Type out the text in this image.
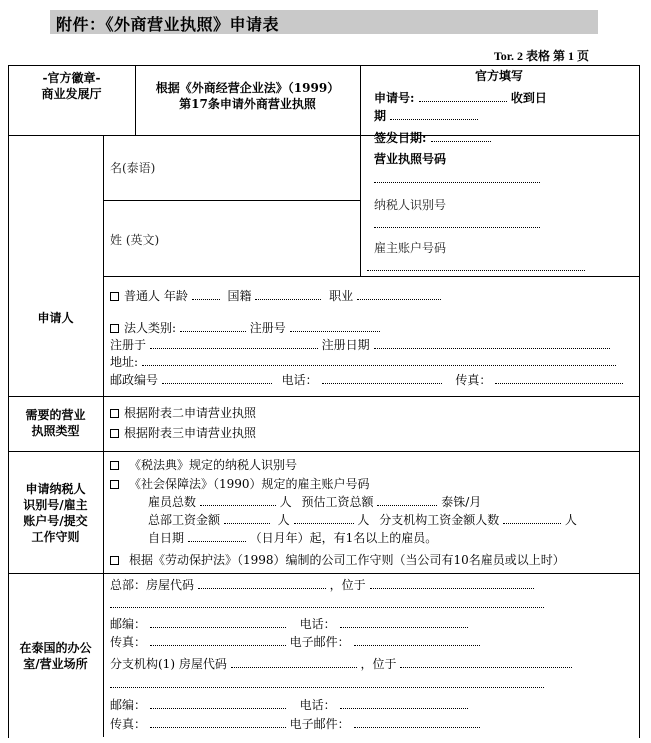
附件：《外商营业执照》申请表
Tor. 2 表格 第 1 页
-官方徽章-
商业发展厅	根据《外商经营企业法》（1999）
第17条申请外商营业执照
官方填写
申请号:	收到日
期
签发日期:
营业执照号码
纳税人识别号
雇主账户号码
名(泰语)
姓 (英文)
申请人
普通人 年龄	国籍	职业
法人类别:	注册号
注册于	注册日期
地址:
邮政编号	电话：	传真：
需要的营业
执照类型
根据附表二申请营业执照
根据附表三申请营业执照
申请纳税人
识别号/雇主
账户号/提交
工作守则
《税法典》规定的纳税人识别号
《社会保障法》（1990）规定的雇主账户号码
雇员总数	人 预估工资总额	泰铢/月
总部工资金额	人	人 分支机构工资金额人数	人
自日期	（日月年）起，有1名以上的雇员。
根据《劳动保护法》（1998）编制的公司工作守则（当公司有10名雇员或以上时）
在泰国的办公
室/营业场所
总部：房屋代码	，位于
邮编：	电话：
传真：	电子邮件：
分支机构(1) 房屋代码	，位于
邮编：	电话：
传真：	电子邮件：
